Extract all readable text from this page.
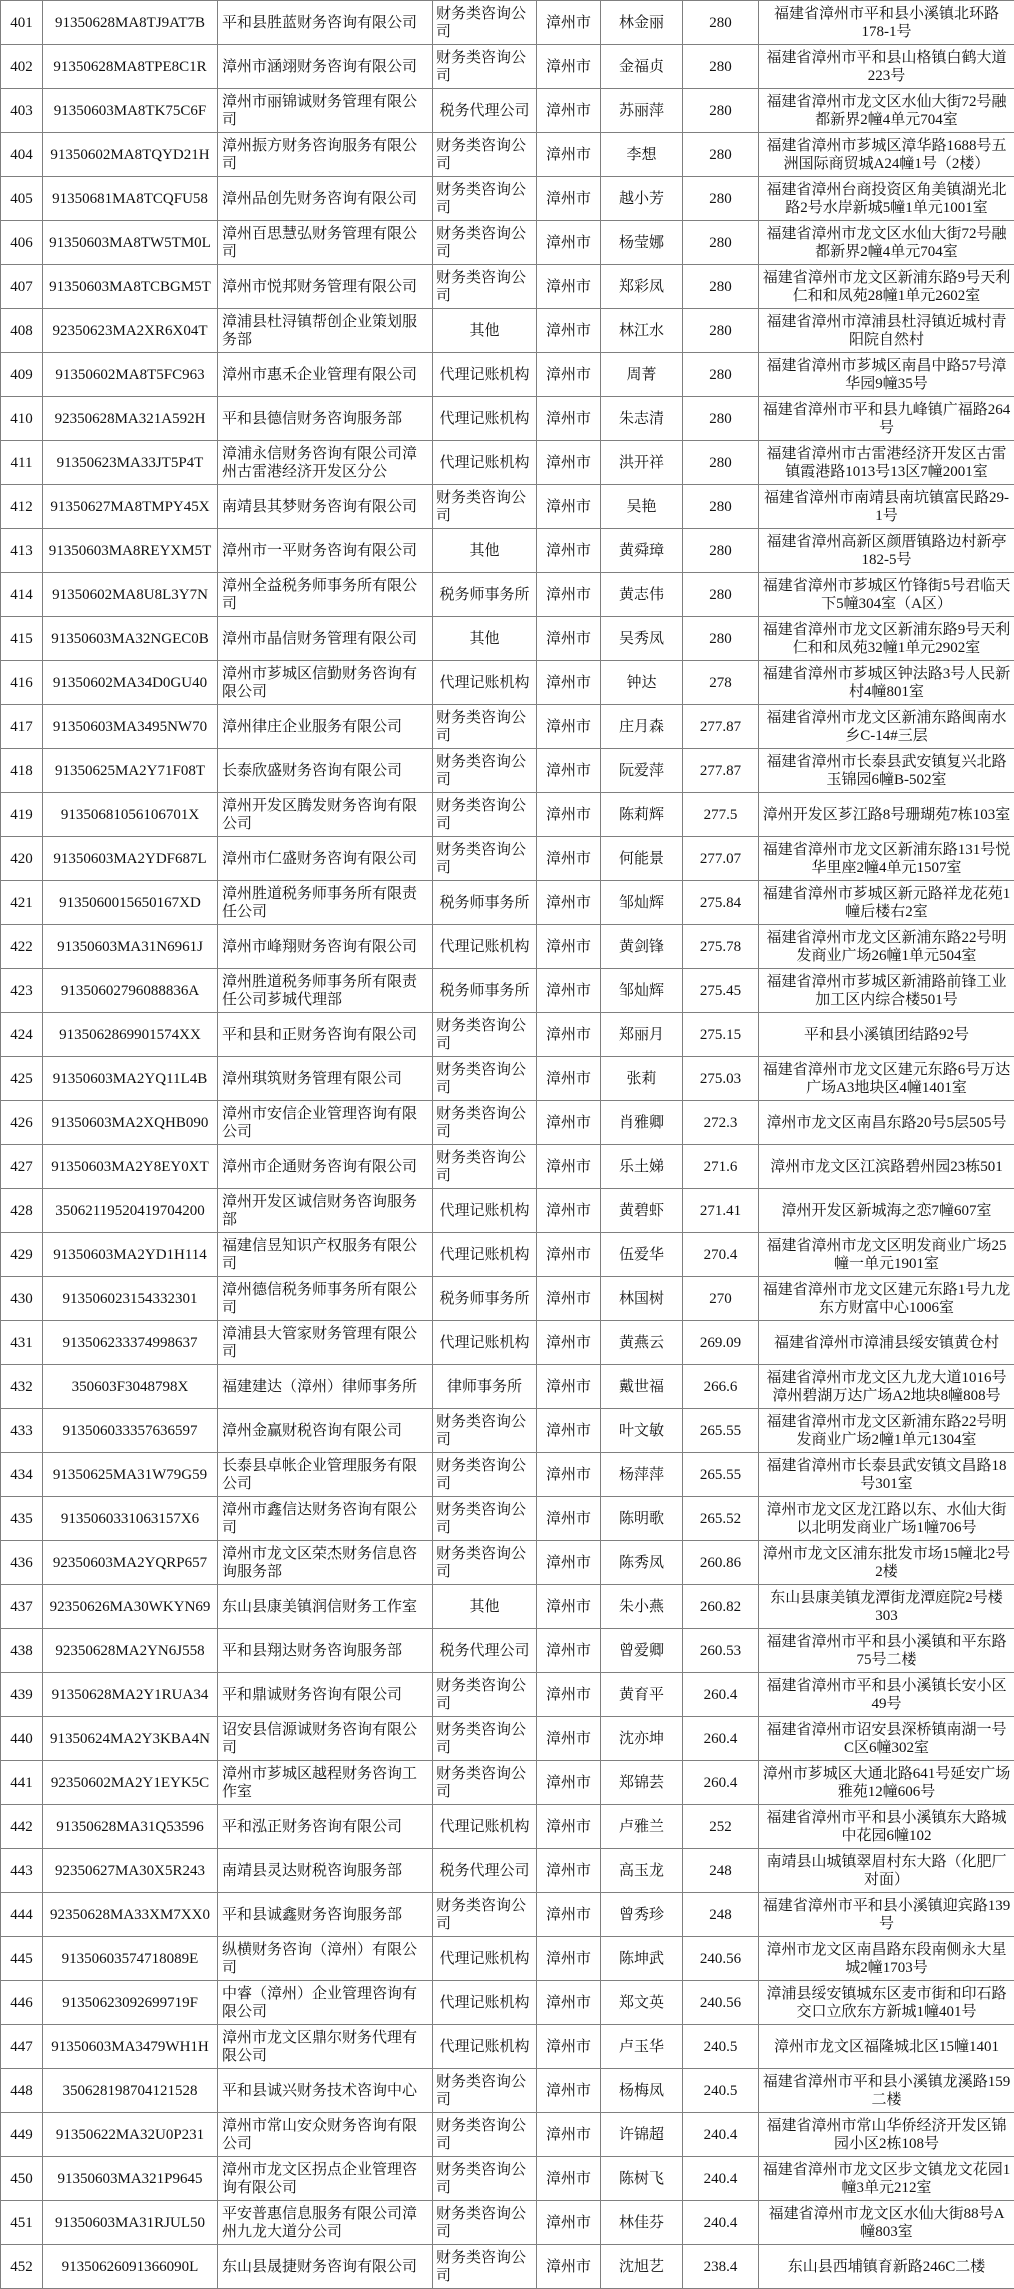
401	91350628MA8TJ9AT7B	平和县胜蓝财务咨询有限公司	财务类咨询公司	漳州市	林金丽	280	福建省漳州市平和县小溪镇北环路178-1号
402	91350628MA8TPE8C1R	漳州市涵翊财务咨询有限公司	财务类咨询公司	漳州市	金福贞	280	福建省漳州市平和县山格镇白鹤大道223号
403	91350603MA8TK75C6F	漳州市丽锦诚财务管理有限公司	税务代理公司	漳州市	苏丽萍	280	福建省漳州市龙文区水仙大街72号融都新界2幢4单元704室
404	91350602MA8TQYD21H	漳州振方财务咨询服务有限公司	财务类咨询公司	漳州市	李想	280	福建省漳州市芗城区漳华路1688号五洲国际商贸城A24幢1号（2楼）
405	91350681MA8TCQFU58	漳州品创先财务咨询有限公司	财务类咨询公司	漳州市	越小芳	280	福建省漳州台商投资区角美镇湖光北路2号水岸新城5幢1单元1001室
406	91350603MA8TW5TM0L	漳州百思慧弘财务管理有限公司	财务类咨询公司	漳州市	杨莹娜	280	福建省漳州市龙文区水仙大街72号融都新界2幢4单元704室
407	91350603MA8TCBGM5T	漳州市悦邦财务管理有限公司	财务类咨询公司	漳州市	郑彩凤	280	福建省漳州市龙文区新浦东路9号天利仁和和凤苑28幢1单元2602室
408	92350623MA2XR6X04T	漳浦县杜浔镇帮创企业策划服务部	其他	漳州市	林江水	280	福建省漳州市漳浦县杜浔镇近城村青阳院自然村
409	91350602MA8T5FC963	漳州市惠禾企业管理有限公司	代理记账机构	漳州市	周菁	280	福建省漳州市芗城区南昌中路57号漳华园9幢35号
410	92350628MA321A592H	平和县德信财务咨询服务部	代理记账机构	漳州市	朱志清	280	福建省漳州市平和县九峰镇广福路264号
411	91350623MA33JT5P4T	漳浦永信财务咨询有限公司漳州古雷港经济开发区分公	代理记账机构	漳州市	洪开祥	280	福建省漳州市古雷港经济开发区古雷镇霞港路1013号13区7幢2001室
412	91350627MA8TMPY45X	南靖县其梦财务咨询有限公司	财务类咨询公司	漳州市	吴艳	280	福建省漳州市南靖县南坑镇富民路29-1号
413	91350603MA8REYXM5T	漳州市一平财务咨询有限公司	其他	漳州市	黄舜璋	280	福建省漳州高新区颜厝镇路边村新亭182-5号
414	91350602MA8U8L3Y7N	漳州全益税务师事务所有限公司	税务师事务所	漳州市	黄志伟	280	福建省漳州市芗城区竹锋街5号君临天下5幢304室（A区）
415	91350603MA32NGEC0B	漳州市晶信财务管理有限公司	其他	漳州市	吴秀凤	280	福建省漳州市龙文区新浦东路9号天利仁和和凤苑32幢1单元2902室
416	91350602MA34D0GU40	漳州市芗城区信勤财务咨询有限公司	代理记账机构	漳州市	钟达	278	福建省漳州市芗城区钟法路3号人民新村4幢801室
417	91350603MA3495NW70	漳州律庄企业服务有限公司	财务类咨询公司	漳州市	庄月森	277.87	福建省漳州市龙文区新浦东路闽南水乡C-14#三层
418	91350625MA2Y71F08T	长泰欣盛财务咨询有限公司	财务类咨询公司	漳州市	阮爱萍	277.87	福建省漳州市长泰县武安镇复兴北路玉锦园6幢B-502室
419	91350681056106701X	漳州开发区腾发财务咨询有限公司	财务类咨询公司	漳州市	陈莉辉	277.5	漳州开发区芗江路8号珊瑚苑7栋103室
420	91350603MA2YDF687L	漳州市仁盛财务咨询有限公司	财务类咨询公司	漳州市	何能景	277.07	福建省漳州市龙文区新浦东路131号悦华里座2幢4单元1507室
421	9135060015650167XD	漳州胜道税务师事务所有限责任公司	税务师事务所	漳州市	邹灿辉	275.84	福建省漳州市芗城区新元路祥龙花苑1幢后楼右2室
422	91350603MA31N6961J	漳州市峰翔财务咨询有限公司	代理记账机构	漳州市	黄剑锋	275.78	福建省漳州市龙文区新浦东路22号明发商业广场26幢1单元504室
423	91350602796088836A	漳州胜道税务师事务所有限责任公司芗城代理部	税务师事务所	漳州市	邹灿辉	275.45	福建省漳州市芗城区新浦路前锋工业加工区内综合楼501号
424	9135062869901574XX	平和县和正财务咨询有限公司	财务类咨询公司	漳州市	郑丽月	275.15	平和县小溪镇团结路92号
425	91350603MA2YQ11L4B	漳州琪筑财务管理有限公司	财务类咨询公司	漳州市	张莉	275.03	福建省漳州市龙文区建元东路6号万达广场A3地块区4幢1401室
426	91350603MA2XQHB090	漳州市安信企业管理咨询有限公司	财务类咨询公司	漳州市	肖雅卿	272.3	漳州市龙文区南昌东路20号5层505号
427	91350603MA2Y8EY0XT	漳州市企通财务咨询有限公司	财务类咨询公司	漳州市	乐土娣	271.6	漳州市龙文区江滨路碧州园23栋501
428	35062119520419704200	漳州开发区诚信财务咨询服务部	代理记账机构	漳州市	黄碧虾	271.41	漳州开发区新城海之恋7幢607室
429	91350603MA2YD1H114	福建信昱知识产权服务有限公司	代理记账机构	漳州市	伍爱华	270.4	福建省漳州市龙文区明发商业广场25幢一单元1901室
430	913506023154332301	漳州德信税务师事务所有限公司	税务师事务所	漳州市	林国树	270	福建省漳州市龙文区建元东路1号九龙东方财富中心1006室
431	913506233374998637	漳浦县大管家财务管理有限公司	代理记账机构	漳州市	黄燕云	269.09	福建省漳州市漳浦县绥安镇黄仓村
432	350603F3048798X	福建建达（漳州）律师事务所	律师事务所	漳州市	戴世福	266.6	福建省漳州市龙文区九龙大道1016号漳州碧湖万达广场A2地块8幢808号
433	913506033357636597	漳州金赢财税咨询有限公司	财务类咨询公司	漳州市	叶文敏	265.55	福建省漳州市龙文区新浦东路22号明发商业广场2幢1单元1304室
434	91350625MA31W79G59	长泰县卓帐企业管理服务有限公司	财务类咨询公司	漳州市	杨萍萍	265.55	福建省漳州市长泰县武安镇文昌路18号301室
435	9135060331063157X6	漳州市鑫信达财务咨询有限公司	财务类咨询公司	漳州市	陈明歌	265.52	漳州市龙文区龙江路以东、水仙大街以北明发商业广场1幢706号
436	92350603MA2YQRP657	漳州市龙文区荣杰财务信息咨询服务部	财务类咨询公司	漳州市	陈秀凤	260.86	漳州市龙文区浦东批发市场15幢北2号2楼
437	92350626MA30WKYN69	东山县康美镇润信财务工作室	其他	漳州市	朱小燕	260.82	东山县康美镇龙潭街龙潭庭院2号楼303
438	92350628MA2YN6J558	平和县翔达财务咨询服务部	税务代理公司	漳州市	曾爱卿	260.53	福建省漳州市平和县小溪镇和平东路75号二楼
439	91350628MA2Y1RUA34	平和鼎诚财务咨询有限公司	财务类咨询公司	漳州市	黄育平	260.4	福建省漳州市平和县小溪镇长安小区49号
440	91350624MA2Y3KBA4N	诏安县信源诚财务咨询有限公司	财务类咨询公司	漳州市	沈亦坤	260.4	福建省漳州市诏安县深桥镇南湖一号C区6幢302室
441	92350602MA2Y1EYK5C	漳州市芗城区越程财务咨询工作室	财务类咨询公司	漳州市	郑锦芸	260.4	漳州市芗城区大通北路641号延安广场雅苑12幢606号
442	91350628MA31Q53596	平和泓正财务咨询有限公司	代理记账机构	漳州市	卢雅兰	252	福建省漳州市平和县小溪镇东大路城中花园6幢102
443	92350627MA30X5R243	南靖县灵达财税咨询服务部	税务代理公司	漳州市	高玉龙	248	南靖县山城镇翠眉村东大路（化肥厂对面）
444	92350628MA33XM7XX0	平和县诚鑫财务咨询服务部	财务类咨询公司	漳州市	曾秀珍	248	福建省漳州市平和县小溪镇迎宾路139号
445	91350603574718089E	纵横财务咨询（漳州）有限公司	代理记账机构	漳州市	陈坤武	240.56	漳州市龙文区南昌路东段南侧永大星城2幢1703号
446	91350623092699719F	中睿（漳州）企业管理咨询有限公司	代理记账机构	漳州市	郑文英	240.56	漳浦县绥安镇城东区麦市街和印石路交口立欣东方新城1幢401号
447	91350603MA3479WH1H	漳州市龙文区鼎尔财务代理有限公司	代理记账机构	漳州市	卢玉华	240.5	漳州市龙文区福隆城北区15幢1401
448	350628198704121528	平和县诚兴财务技术咨询中心	财务类咨询公司	漳州市	杨梅凤	240.5	福建省漳州市平和县小溪镇龙溪路159二楼
449	91350622MA32U0P231	漳州市常山安众财务咨询有限公司	财务类咨询公司	漳州市	许锦超	240.4	福建省漳州市常山华侨经济开发区锦园小区2栋108号
450	91350603MA321P9645	漳州市龙文区拐点企业管理咨询有限公司	财务类咨询公司	漳州市	陈树飞	240.4	福建省漳州市龙文区步文镇龙文花园1幢3单元212室
451	91350603MA31RJUL50	平安普惠信息服务有限公司漳州九龙大道分公司	财务类咨询公司	漳州市	林佳芬	240.4	福建省漳州市龙文区水仙大街88号A幢803室
452	91350626091366090L	东山县晟捷财务咨询有限公司	财务类咨询公司	漳州市	沈旭艺	238.4	东山县西埔镇育新路246C二楼
